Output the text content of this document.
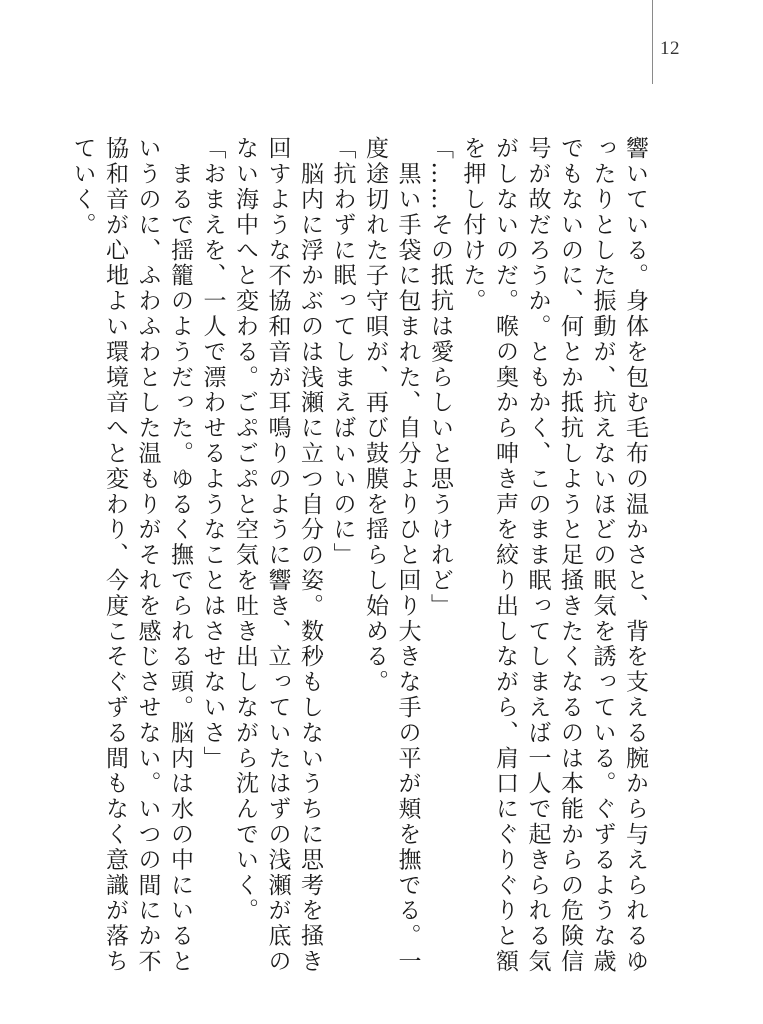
12

響いている。身体を包む毛布の温かさと、背を支える腕から与えられるゆったりとした振動が、抗えないほどの眠気を誘っている。ぐずるような歳でもないのに、何とか抵抗しようと足掻きたくなるのは本能からの危険信号が故だろうか。ともかく、このまま眠ってしまえば一人で起きられる気がしないのだ。喉の奥から呻き声を絞り出しながら、肩口にぐりぐりと額を押し付けた。

「……その抵抗は愛らしいと思うけれど」

　黒い手袋に包まれた、自分よりひと回り大きな手の平が頬を撫でる。一度途切れた子守唄が、再び鼓膜を揺らし始める。

「抗わずに眠ってしまえばいいのに」

　脳内に浮かぶのは浅瀬に立つ自分の姿。数秒もしないうちに思考を掻き回すような不協和音が耳鳴りのように響き、立っていたはずの浅瀬が底のない海中へと変わる。ごぷごぷと空気を吐き出しながら沈んでいく。

「おまえを、一人で漂わせるようなことはさせないさ」

　まるで揺籠のようだった。ゆるく撫でられる頭。脳内は水の中にいるというのに、ふわふわとした温もりがそれを感じさせない。いつの間にか不協和音が心地よい環境音へと変わり、今度こそぐずる間もなく意識が落ちていく。
